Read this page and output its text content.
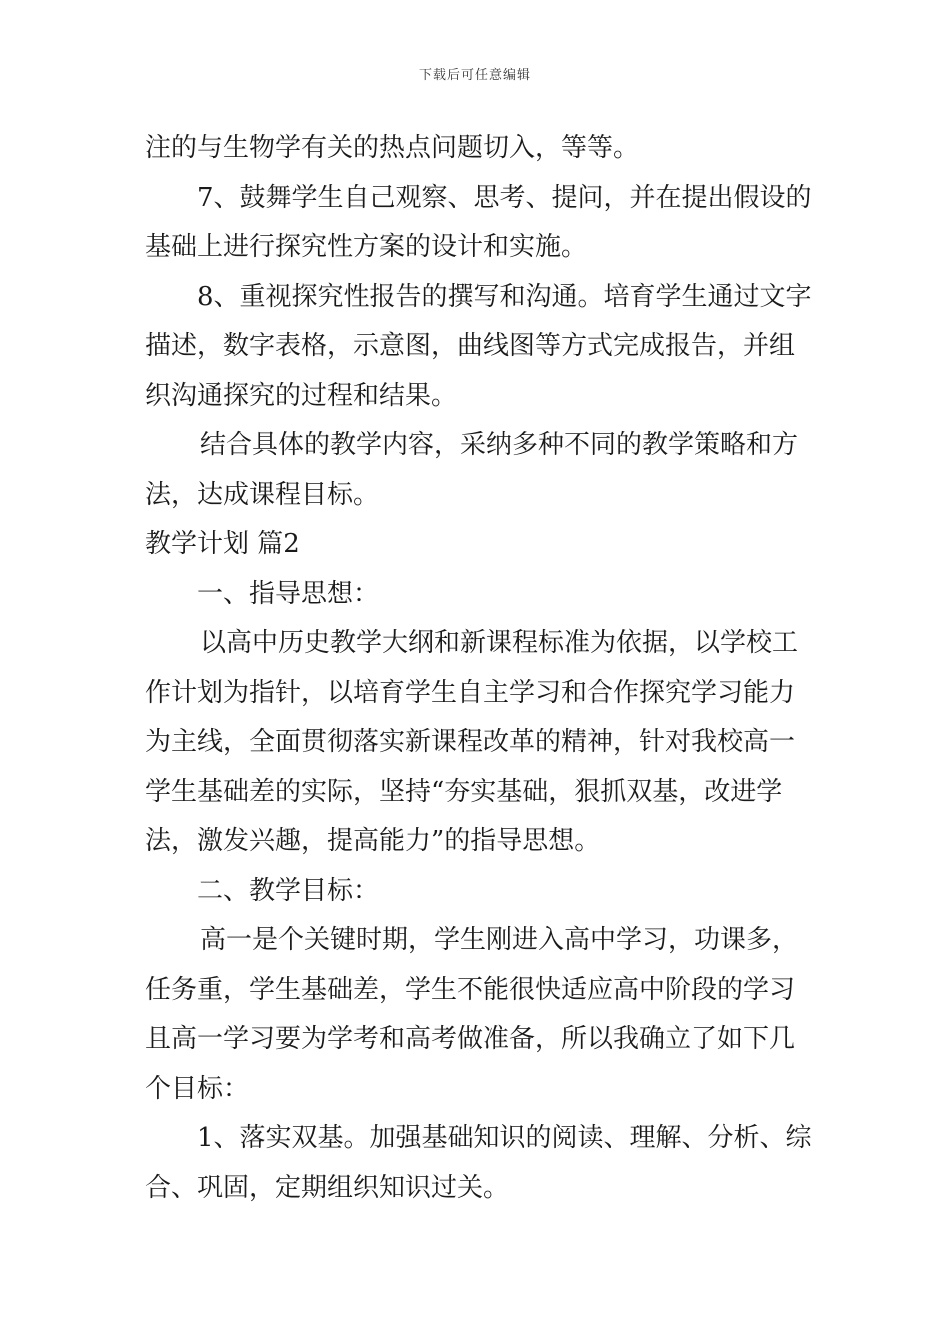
下载后可任意编辑
注的与生物学有关的热点问题切入，等等。
7、鼓舞学生自己观察、思考、提问，并在提出假设的
基础上进行探究性方案的设计和实施。
8、重视探究性报告的撰写和沟通。培育学生通过文字
描述，数字表格，示意图，曲线图等方式完成报告，并组
织沟通探究的过程和结果。
结合具体的教学内容，采纳多种不同的教学策略和方
法，达成课程目标。
教学计划 篇2
一、指导思想：
以高中历史教学大纲和新课程标准为依据，以学校工
作计划为指针，以培育学生自主学习和合作探究学习能力
为主线，全面贯彻落实新课程改革的精神，针对我校高一
学生基础差的实际，坚持“夯实基础，狠抓双基，改进学
法，激发兴趣，提高能力”的指导思想。
二、教学目标：
高一是个关键时期，学生刚进入高中学习，功课多，
任务重，学生基础差，学生不能很快适应高中阶段的学习
且高一学习要为学考和高考做准备，所以我确立了如下几
个目标：
1、落实双基。加强基础知识的阅读、理解、分析、综
合、巩固，定期组织知识过关。
